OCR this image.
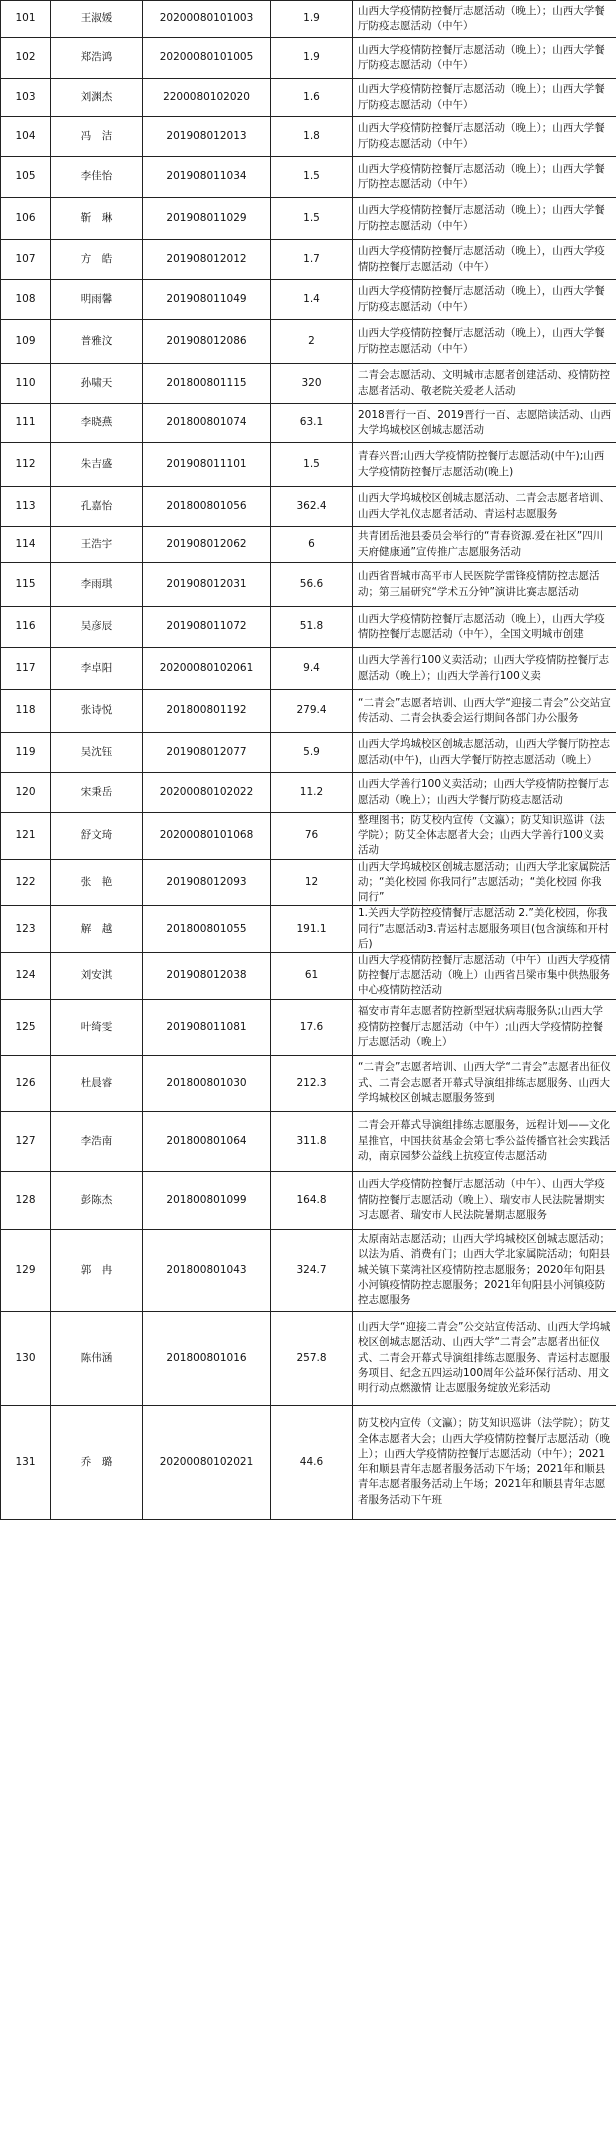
101	王淑媛	20200080101003	1.9	山西大学疫情防控餐厅志愿活动（晚上）；山西大学餐厅防疫志愿活动（中午）
102	郑浩鸿	20200080101005	1.9	山西大学疫情防控餐厅志愿活动（晚上）；山西大学餐厅防疫志愿活动（中午）
103	刘渊杰	2200080102020	1.6	山西大学疫情防控餐厅志愿活动（晚上）；山西大学餐厅防疫志愿活动（中午）
104	冯　洁	201908012013	1.8	山西大学疫情防控餐厅志愿活动（晚上）；山西大学餐厅防疫志愿活动（中午）
105	李佳怡	201908011034	1.5	山西大学疫情防控餐厅志愿活动（晚上）；山西大学餐厅防控志愿活动（中午）
106	靳　琳	201908011029	1.5	山西大学疫情防控餐厅志愿活动（晚上）；山西大学餐厅防控志愿活动（中午）
107	方　皓	201908012012	1.7	山西大学疫情防控餐厅志愿活动（晚上），山西大学疫情防控餐厅志愿活动（中午）
108	明雨馨	201908011049	1.4	山西大学疫情防控餐厅志愿活动（晚上），山西大学餐厅防疫志愿活动（中午）
109	普雅汶	201908012086	2	山西大学疫情防控餐厅志愿活动（晚上），山西大学餐厅防控志愿活动（中午）
110	孙啸天	201800801115	320	二青会志愿活动、文明城市志愿者创建活动、疫情防控志愿者活动、敬老院关爱老人活动
111	李晓燕	201800801074	63.1	2018晋行一百、2019晋行一百、志愿陪读活动、山西大学坞城校区创城志愿活动
112	朱吉盛	201908011101	1.5	青春兴晋;山西大学疫情防控餐厅志愿活动(中午);山西大学疫情防控餐厅志愿活动(晚上)
113	孔嘉怡	201800801056	362.4	山西大学坞城校区创城志愿活动、二青会志愿者培训、山西大学礼仪志愿者活动、青运村志愿服务
114	王浩宇	201908012062	6	共青团岳池县委员会举行的“青春资源.爱在社区”四川天府健康通”宣传推广志愿服务活动
115	李雨琪	201908012031	56.6	山西省晋城市高平市人民医院学雷锋疫情防控志愿活动；第三届研究“学术五分钟”演讲比赛志愿活动
116	吴彦辰	201908011072	51.8	山西大学疫情防控餐厅志愿活动（晚上），山西大学疫情防控餐厅志愿活动（中午），全国文明城市创建
117	李卓阳	20200080102061	9.4	山西大学善行100义卖活动；山西大学疫情防控餐厅志愿活动（晚上）；山西大学善行100义卖
118	张诗悦	201800801192	279.4	“二青会”志愿者培训、山西大学“迎接二青会”公交站宣传活动、二青会执委会运行期间各部门办公服务
119	吴沈钰	201908012077	5.9	山西大学坞城校区创城志愿活动，山西大学餐厅防控志愿活动(中午)，山西大学餐厅防控志愿活动（晚上）
120	宋秉岳	20200080102022	11.2	山西大学善行100义卖活动；山西大学疫情防控餐厅志愿活动（晚上）；山西大学餐厅防疫志愿活动
121	舒文琦	20200080101068	76	整理图书；防艾校内宣传（文瀛）；防艾知识巡讲（法学院）；防艾全体志愿者大会；山西大学善行100义卖活动
122	张　艳	201908012093	12	山西大学坞城校区创城志愿活动；山西大学北家属院活动；“美化校园 你我同行”志愿活动；“美化校园 你我同行”
123	解　越	201800801055	191.1	1.关西大学防控疫情餐厅志愿活动 2.”美化校园，你我同行”志愿活动3.青运村志愿服务项目(包含演练和开村后)
124	刘安淇	201908012038	61	山西大学疫情防控餐厅志愿活动（中午）山西大学疫情防控餐厅志愿活动（晚上）山西省吕梁市集中供热服务中心疫情防控活动
125	叶绮雯	201908011081	17.6	福安市青年志愿者防控新型冠状病毒服务队;山西大学疫情防控餐厅志愿活动（中午）;山西大学疫情防控餐厅志愿活动（晚上）
126	杜晨睿	201800801030	212.3	“二青会”志愿者培训、山西大学“二青会”志愿者出征仪式、二青会志愿者开幕式导演组排练志愿服务、山西大学坞城校区创城志愿服务签到
127	李浩南	201800801064	311.8	二青会开幕式导演组排练志愿服务，远程计划——文化星推官，中国扶贫基金会第七季公益传播官社会实践活动，南京园梦公益线上抗疫宣传志愿活动
128	彭陈杰	201800801099	164.8	山西大学疫情防控餐厅志愿活动（中午）、山西大学疫情防控餐厅志愿活动（晚上）、瑞安市人民法院暑期实习志愿者、瑞安市人民法院暑期志愿服务
129	郭　冉	201800801043	324.7	太原南站志愿活动；山西大学坞城校区创城志愿活动；以法为盾、消费有门；山西大学北家属院活动；旬阳县城关镇下菜湾社区疫情防控志愿服务；2020年旬阳县小河镇疫情防控志愿服务；2021年旬阳县小河镇疫防控志愿服务
130	陈伟涵	201800801016	257.8	山西大学“迎接二青会”公交站宣传活动、山西大学坞城校区创城志愿活动、山西大学“二青会”志愿者出征仪式、二青会开幕式导演组排练志愿服务、青运村志愿服务项目、纪念五四运动100周年公益环保行活动、用文明行动点燃激情 让志愿服务绽放光彩活动
131	乔　璐	20200080102021	44.6	防艾校内宣传（文瀛）；防艾知识巡讲（法学院）；防艾全体志愿者大会；山西大学疫情防控餐厅志愿活动（晚上）；山西大学疫情防控餐厅志愿活动（中午）；2021年和顺县青年志愿者服务活动下午场；2021年和顺县青年志愿者服务活动上午场；2021年和顺县青年志愿者服务活动下午班
